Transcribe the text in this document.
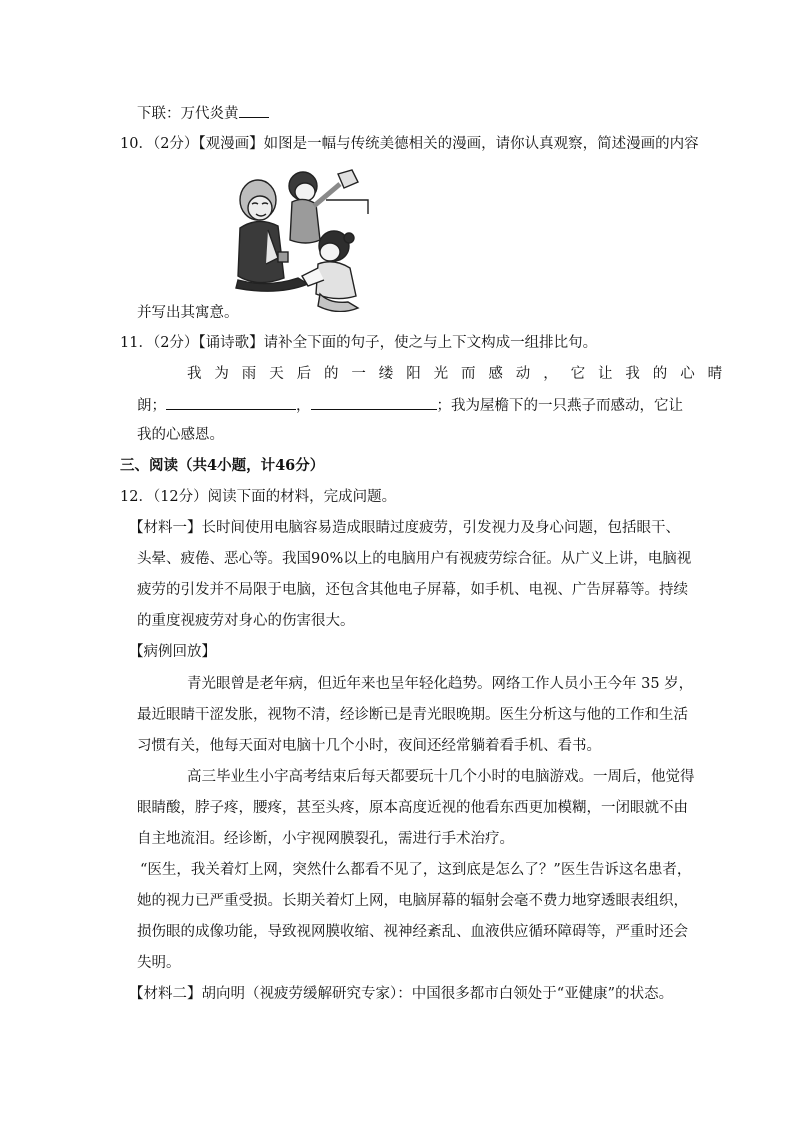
下联：万代炎黄
10．（2分）【观漫画】如图是一幅与传统美德相关的漫画，请你认真观察，简述漫画的内容
并写出其寓意。
11．（2分）【诵诗歌】请补全下面的句子，使之与上下文构成一组排比句。
我为雨天后的一缕阳光而感动，它让我的心晴
朗；	，	；我为屋檐下的一只燕子而感动，它让
我的心感恩。
三、阅读（共4小题，计46分）
12．（12分）阅读下面的材料，完成问题。
【材料一】长时间使用电脑容易造成眼睛过度疲劳，引发视力及身心问题，包括眼干、
头晕、疲倦、恶心等。我国90%以上的电脑用户有视疲劳综合征。从广义上讲，电脑视
疲劳的引发并不局限于电脑，还包含其他电子屏幕，如手机、电视、广告屏幕等。持续
的重度视疲劳对身心的伤害很大。
【病例回放】
青光眼曾是老年病，但近年来也呈年轻化趋势。网络工作人员小王今年 35 岁，
最近眼睛干涩发胀，视物不清，经诊断已是青光眼晚期。医生分析这与他的工作和生活
习惯有关，他每天面对电脑十几个小时，夜间还经常躺着看手机、看书。
高三毕业生小宇高考结束后每天都要玩十几个小时的电脑游戏。一周后，他觉得
眼睛酸，脖子疼，腰疼，甚至头疼，原本高度近视的他看东西更加模糊，一闭眼就不由
自主地流泪。经诊断，小宇视网膜裂孔，需进行手术治疗。
“医生，我关着灯上网，突然什么都看不见了，这到底是怎么了？”医生告诉这名患者，
她的视力已严重受损。长期关着灯上网，电脑屏幕的辐射会毫不费力地穿透眼表组织，
损伤眼的成像功能，导致视网膜收缩、视神经紊乱、血液供应循环障碍等，严重时还会
失明。
【材料二】胡向明（视疲劳缓解研究专家）：中国很多都市白领处于“亚健康”的状态。
